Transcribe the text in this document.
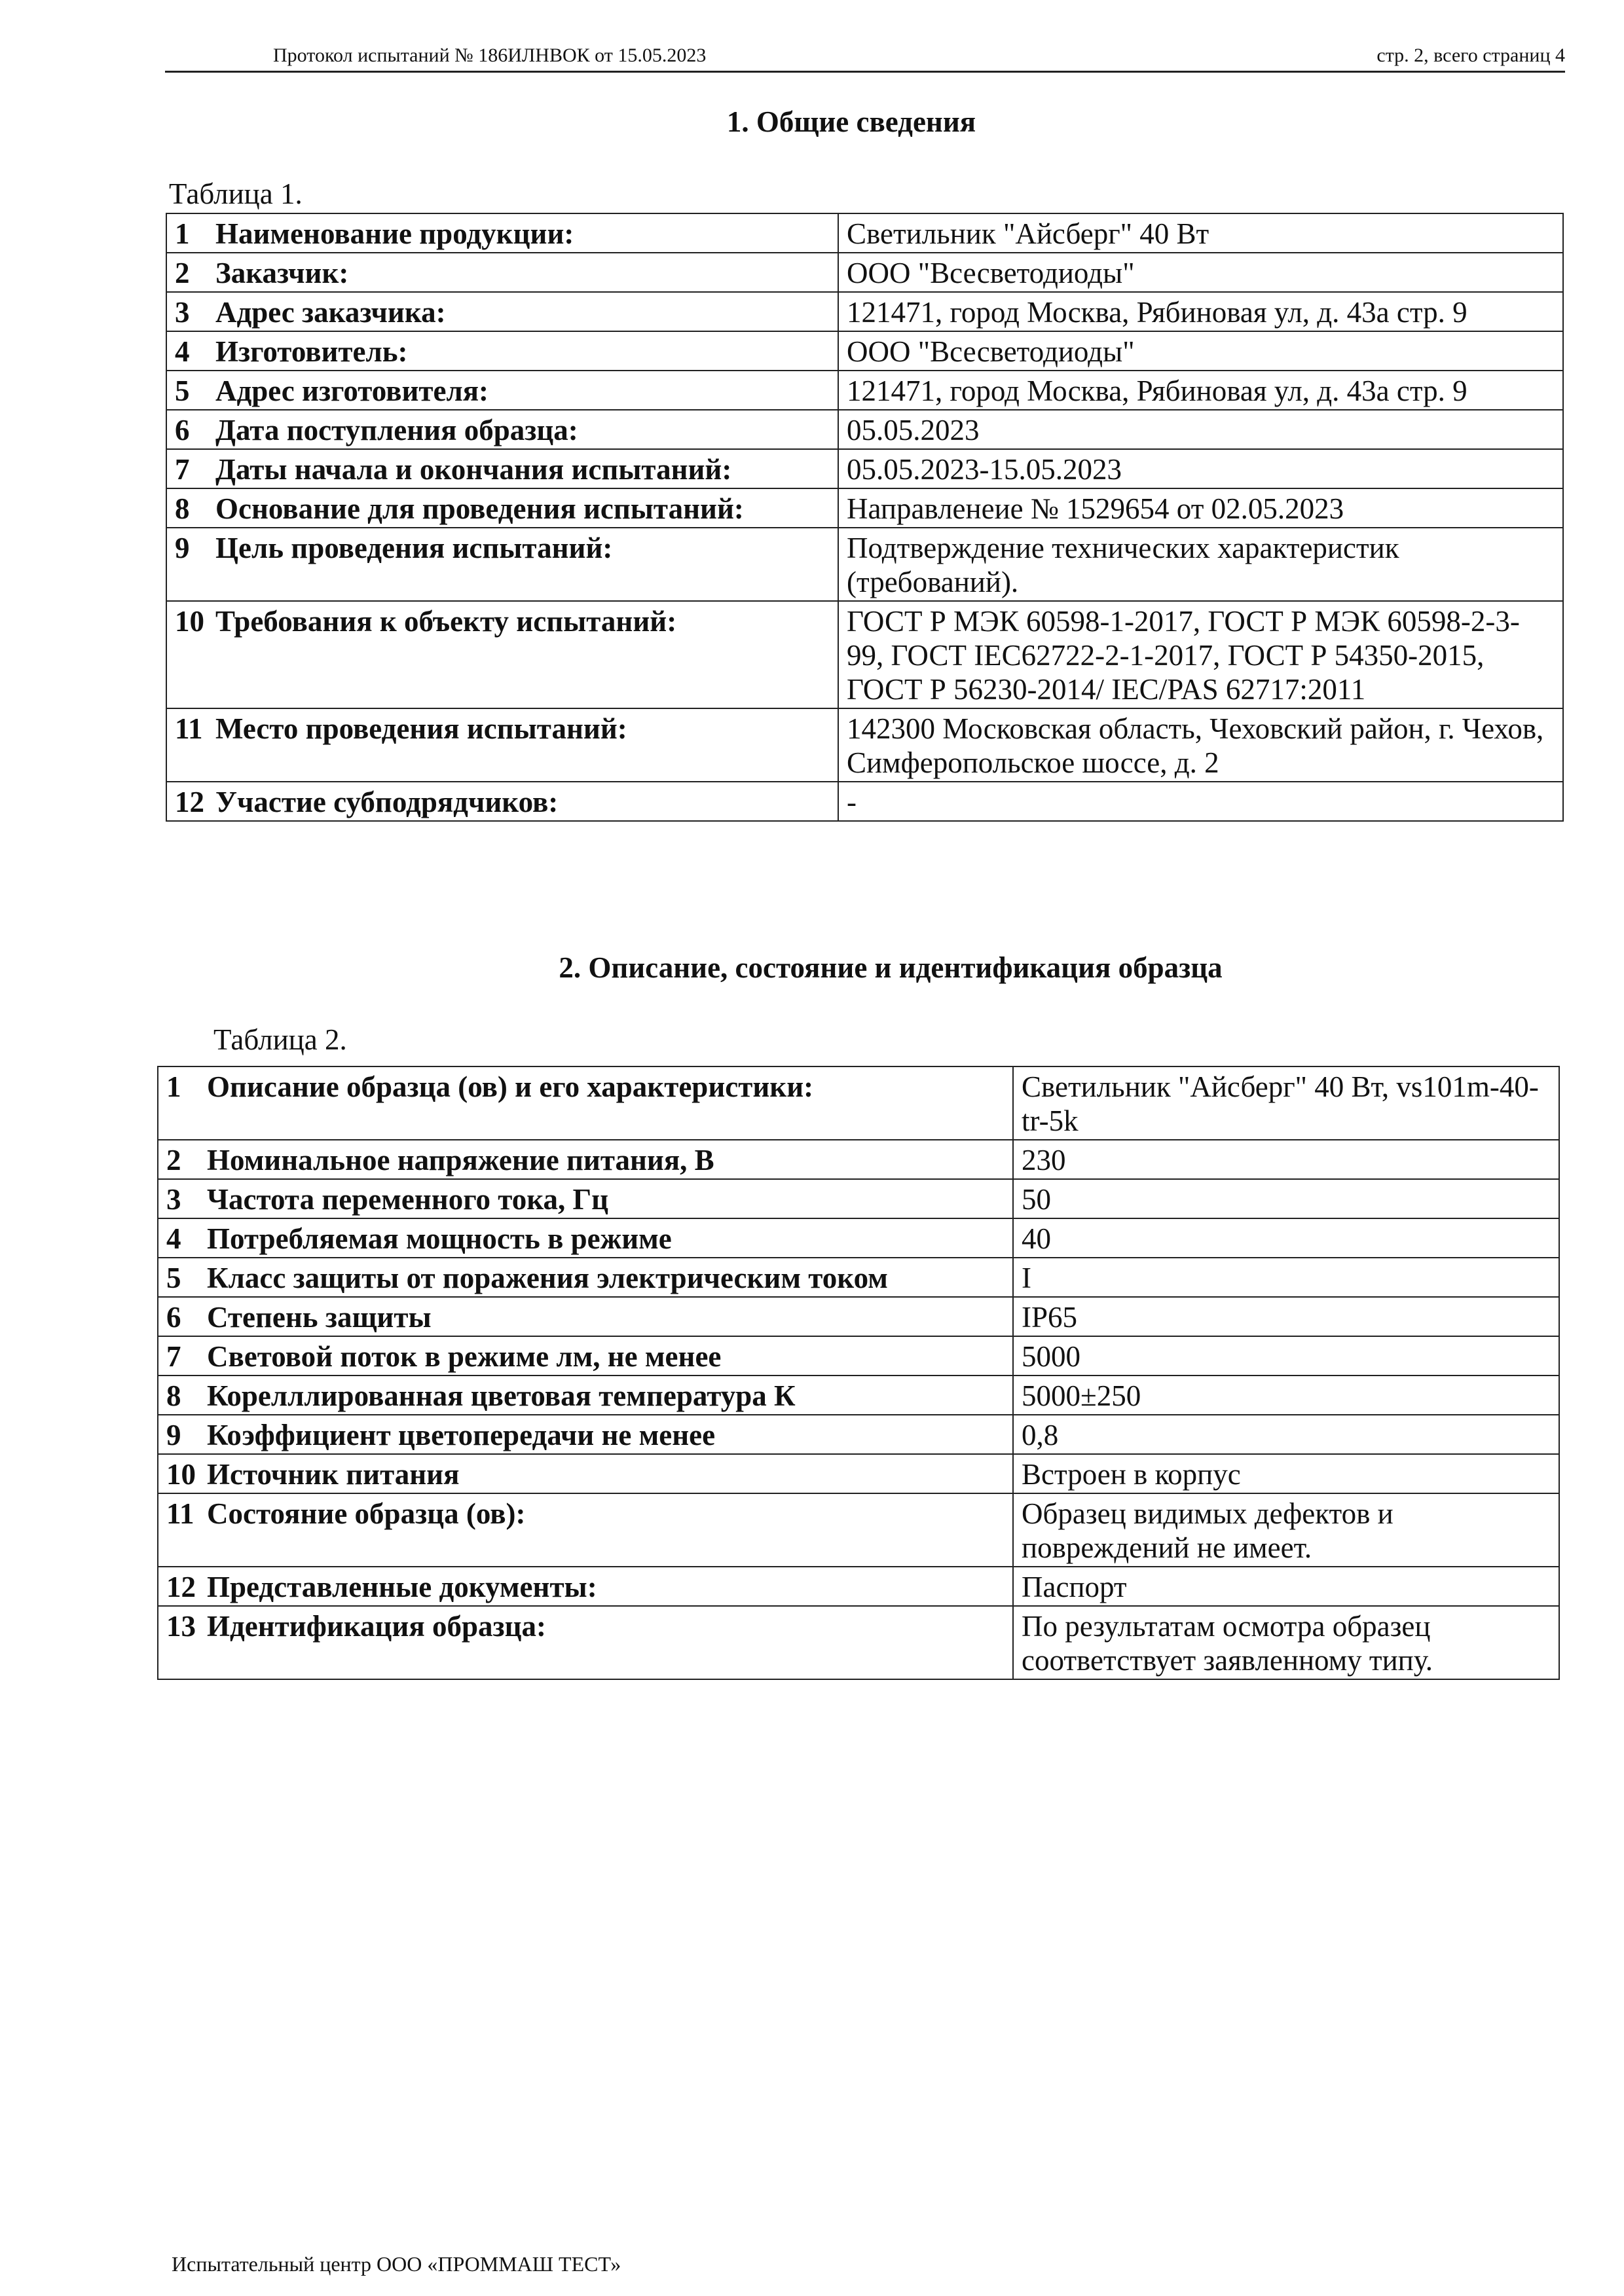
Протокол испытаний № 186ИЛНВОК от 15.05.2023	стр. 2, всего страниц 4
1. Общие сведения
Таблица 1.
1 Наименование продукции:	Светильник "Айсберг" 40 Вт
2 Заказчик:	ООО "Всесветодиоды"
3 Адрес заказчика:	121471, город Москва, Рябиновая ул, д. 43а стр. 9
4 Изготовитель:	ООО "Всесветодиоды"
5 Адрес изготовителя:	121471, город Москва, Рябиновая ул, д. 43а стр. 9
6 Дата поступления образца:	05.05.2023
7 Даты начала и окончания испытаний:	05.05.2023-15.05.2023
8 Основание для проведения испытаний:	Направленеие № 1529654 от 02.05.2023
9 Цель проведения испытаний:	Подтверждение технических характеристик (требований).
10 Требования к объекту испытаний:	ГОСТ Р МЭК 60598-1-2017, ГОСТ Р МЭК 60598-2-3-99, ГОСТ IEC62722-2-1-2017, ГОСТ Р 54350-2015, ГОСТ Р 56230-2014/ IEC/PAS 62717:2011
11 Место проведения испытаний:	142300 Московская область, Чеховский район, г. Чехов, Симферопольское шоссе, д. 2
12 Участие субподрядчиков:	-
2. Описание, состояние и идентификация образца
Таблица 2.
1 Описание образца (ов) и его характеристики:	Светильник "Айсберг" 40 Вт, vs101m-40-tr-5k
2 Номинальное напряжение питания, В	230
3 Частота переменного тока, Гц	50
4 Потребляемая мощность в режиме	40
5 Класс защиты от поражения электрическим током	I
6 Степень защиты	IP65
7 Световой поток в режиме лм, не менее	5000
8 Корелллированная цветовая температура К	5000±250
9 Коэффициент цветопередачи не менее	0,8
10 Источник питания	Встроен в корпус
11 Состояние образца (ов):	Образец видимых дефектов и повреждений не имеет.
12 Представленные документы:	Паспорт
13 Идентификация образца:	По результатам осмотра образец соответствует заявленному типу.
Испытательный центр ООО «ПРОММАШ ТЕСТ»
